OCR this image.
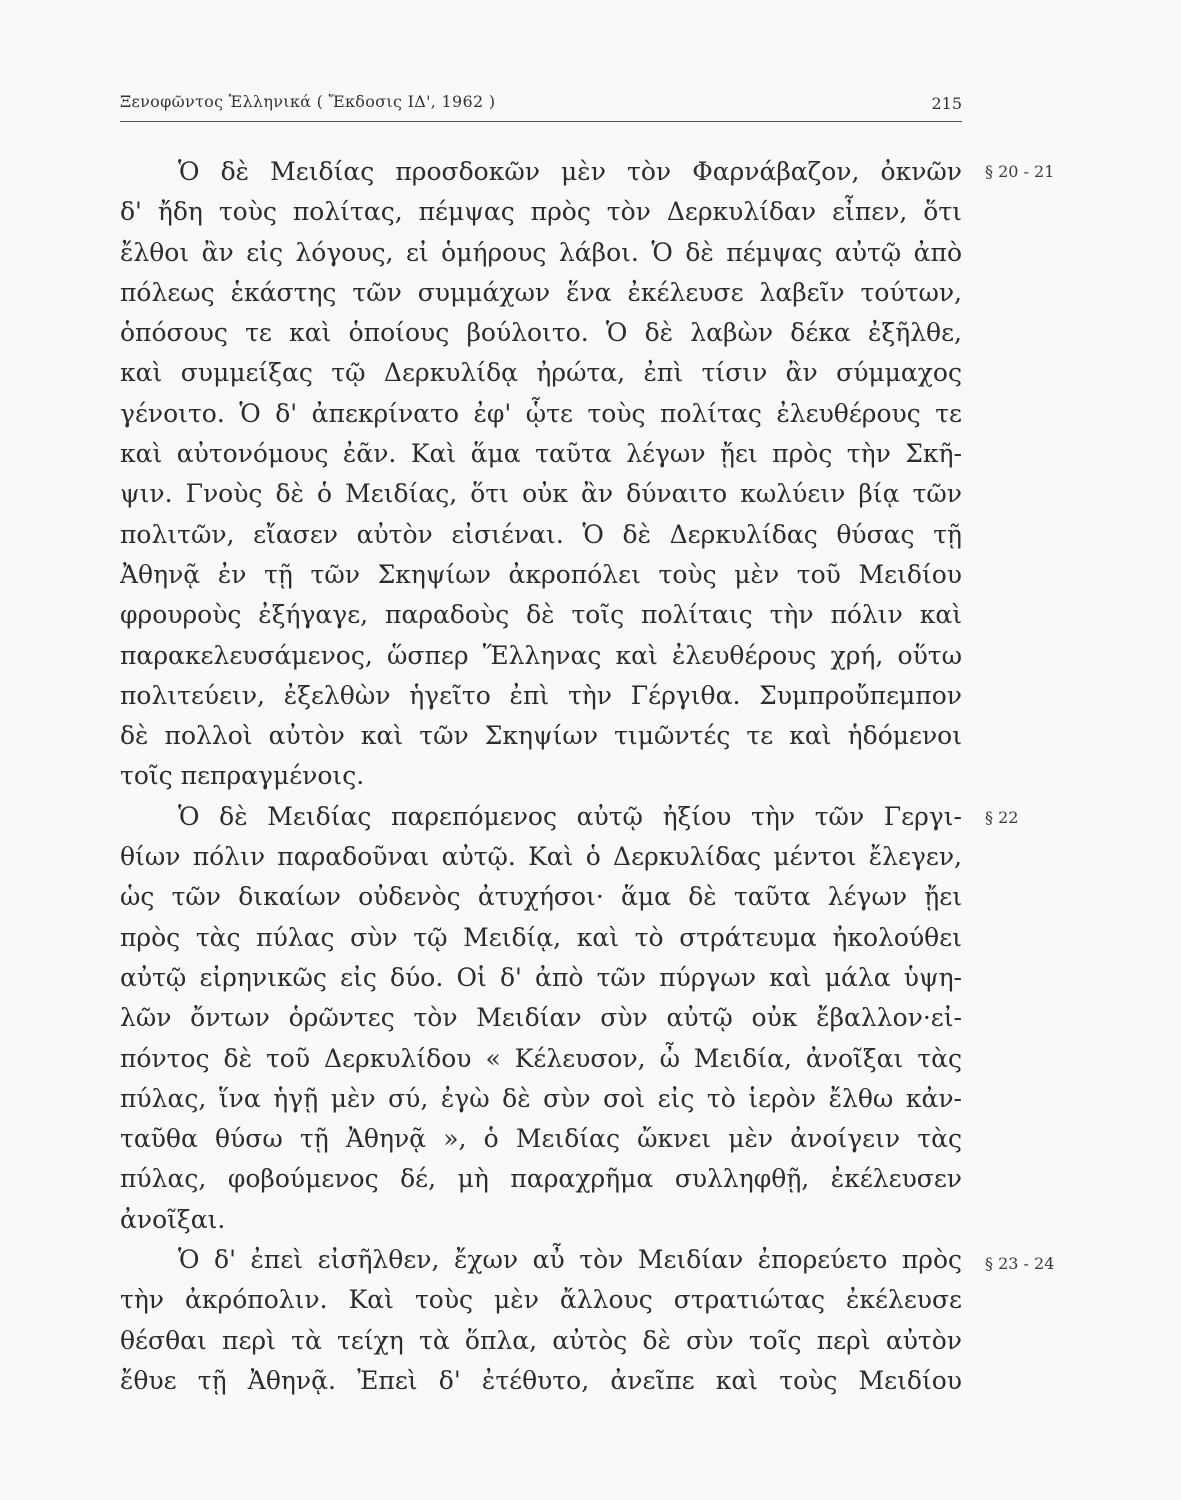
Ξενοφῶντος Ἑλληνικά ( Ἔκδοσις ΙΔ', 1962 )	215
§ 20 - 21
§ 22
§ 23 - 24
Ὁ δὲ Μειδίας προσδοκῶν μὲν τὸν Φαρνάβαζον, ὀκνῶν
δ' ἤδη τοὺς πολίτας, πέμψας πρὸς τὸν Δερκυλίδαν εἶπεν, ὅτι
ἔλθοι ἂν εἰς λόγους, εἰ ὁμήρους λάβοι. Ὁ δὲ πέμψας αὐτῷ ἀπὸ
πόλεως ἑκάστης τῶν συμμάχων ἕνα ἐκέλευσε λαβεῖν τούτων,
ὁπόσους τε καὶ ὁποίους βούλοιτο. Ὁ δὲ λαβὼν δέκα ἐξῆλθε,
καὶ συμμείξας τῷ Δερκυλίδᾳ ἠρώτα, ἐπὶ τίσιν ἂν σύμμαχος
γένοιτο. Ὁ δ' ἀπεκρίνατο ἐφ' ᾧτε τοὺς πολίτας ἐλευθέρους τε
καὶ αὐτονόμους ἐᾶν. Καὶ ἅμα ταῦτα λέγων ᾔει πρὸς τὴν Σκῆ-
ψιν. Γνοὺς δὲ ὁ Μειδίας, ὅτι οὐκ ἂν δύναιτο κωλύειν βίᾳ τῶν
πολιτῶν, εἴασεν αὐτὸν εἰσιέναι. Ὁ δὲ Δερκυλίδας θύσας τῇ
Ἀθηνᾷ ἐν τῇ τῶν Σκηψίων ἀκροπόλει τοὺς μὲν τοῦ Μειδίου
φρουροὺς ἐξήγαγε, παραδοὺς δὲ τοῖς πολίταις τὴν πόλιν καὶ
παρακελευσάμενος, ὥσπερ Ἕλληνας καὶ ἐλευθέρους χρή, οὕτω
πολιτεύειν, ἐξελθὼν ἡγεῖτο ἐπὶ τὴν Γέργιθα. Συμπροὔπεμπον
δὲ πολλοὶ αὐτὸν καὶ τῶν Σκηψίων τιμῶντές τε καὶ ἡδόμενοι
τοῖς πεπραγμένοις.
Ὁ δὲ Μειδίας παρεπόμενος αὐτῷ ἠξίου τὴν τῶν Γεργι-
θίων πόλιν παραδοῦναι αὐτῷ. Καὶ ὁ Δερκυλίδας μέντοι ἔλεγεν,
ὡς τῶν δικαίων οὐδενὸς ἀτυχήσοι· ἅμα δὲ ταῦτα λέγων ᾔει
πρὸς τὰς πύλας σὺν τῷ Μειδίᾳ, καὶ τὸ στράτευμα ἠκολούθει
αὐτῷ εἰρηνικῶς εἰς δύο. Οἱ δ' ἀπὸ τῶν πύργων καὶ μάλα ὑψη-
λῶν ὄντων ὁρῶντες τὸν Μειδίαν σὺν αὐτῷ οὐκ ἔβαλλον·εἰ-
πόντος δὲ τοῦ Δερκυλίδου « Κέλευσον, ὦ Μειδία, ἀνοῖξαι τὰς
πύλας, ἵνα ἡγῇ μὲν σύ, ἐγὼ δὲ σὺν σοὶ εἰς τὸ ἱερὸν ἔλθω κἀν-
ταῦθα θύσω τῇ Ἀθηνᾷ », ὁ Μειδίας ὤκνει μὲν ἀνοίγειν τὰς
πύλας, φοβούμενος δέ, μὴ παραχρῆμα συλληφθῇ, ἐκέλευσεν
ἀνοῖξαι.
Ὁ δ' ἐπεὶ εἰσῆλθεν, ἔχων αὖ τὸν Μειδίαν ἐπορεύετο πρὸς
τὴν ἀκρόπολιν. Καὶ τοὺς μὲν ἄλλους στρατιώτας ἐκέλευσε
θέσθαι περὶ τὰ τείχη τὰ ὅπλα, αὐτὸς δὲ σὺν τοῖς περὶ αὐτὸν
ἔθυε τῇ Ἀθηνᾷ. Ἐπεὶ δ' ἐτέθυτο, ἀνεῖπε καὶ τοὺς Μειδίου
